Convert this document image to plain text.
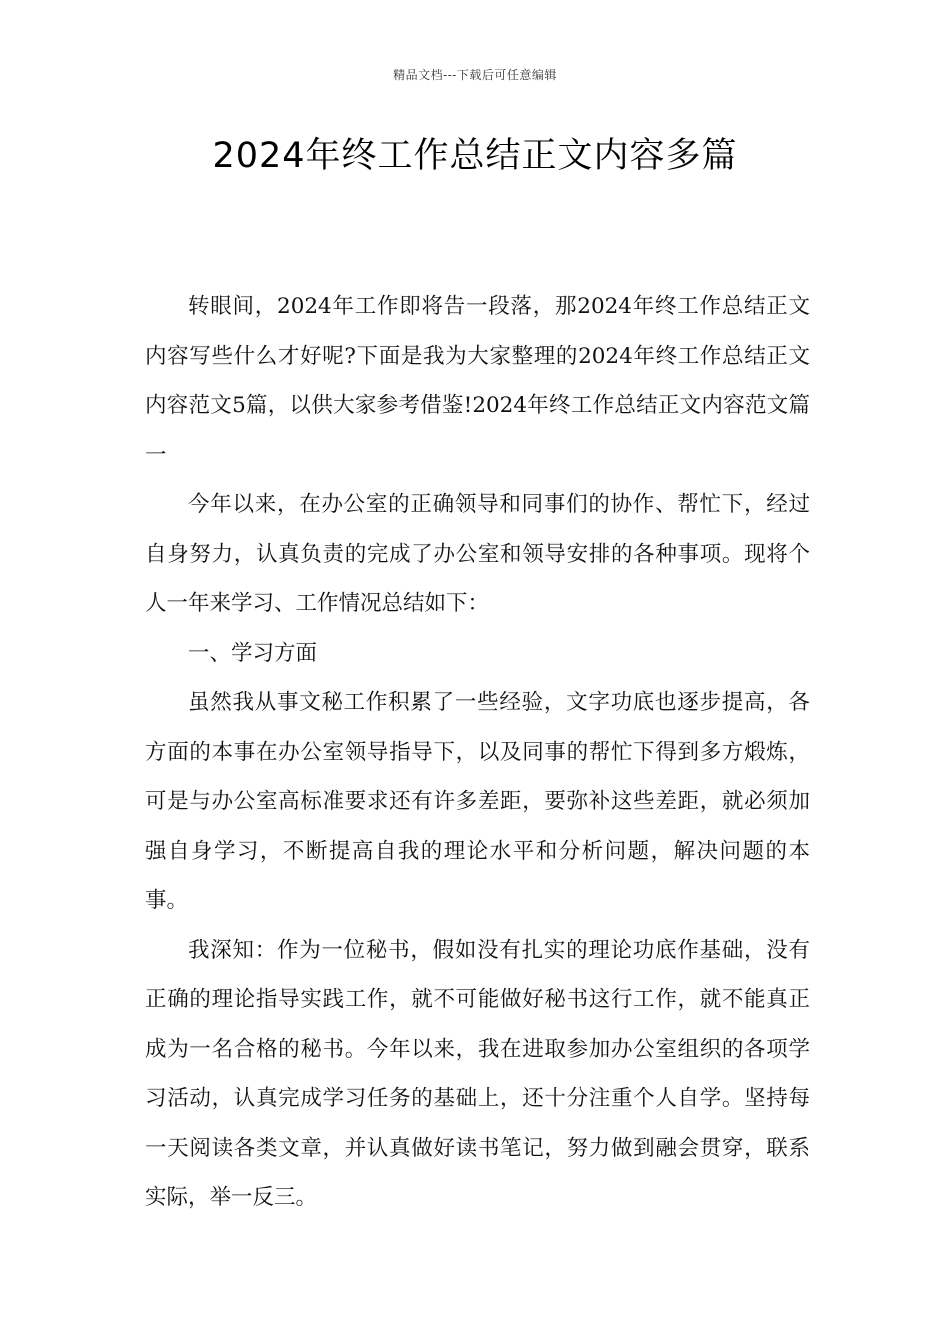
精品文档---下载后可任意编辑
2024年终工作总结正文内容多篇

转眼间，2024年工作即将告一段落，那2024年终工作总结正文内容写些什么才好呢?下面是我为大家整理的2024年终工作总结正文内容范文5篇，以供大家参考借鉴!2024年终工作总结正文内容范文篇一

今年以来，在办公室的正确领导和同事们的协作、帮忙下，经过自身努力，认真负责的完成了办公室和领导安排的各种事项。现将个人一年来学习、工作情况总结如下：

一、学习方面

虽然我从事文秘工作积累了一些经验，文字功底也逐步提高，各方面的本事在办公室领导指导下，以及同事的帮忙下得到多方煅炼，可是与办公室高标准要求还有许多差距，要弥补这些差距，就必须加强自身学习，不断提高自我的理论水平和分析问题，解决问题的本事。

我深知：作为一位秘书，假如没有扎实的理论功底作基础，没有正确的理论指导实践工作，就不可能做好秘书这行工作，就不能真正成为一名合格的秘书。今年以来，我在进取参加办公室组织的各项学习活动，认真完成学习任务的基础上，还十分注重个人自学。坚持每一天阅读各类文章，并认真做好读书笔记，努力做到融会贯穿，联系实际，举一反三。
